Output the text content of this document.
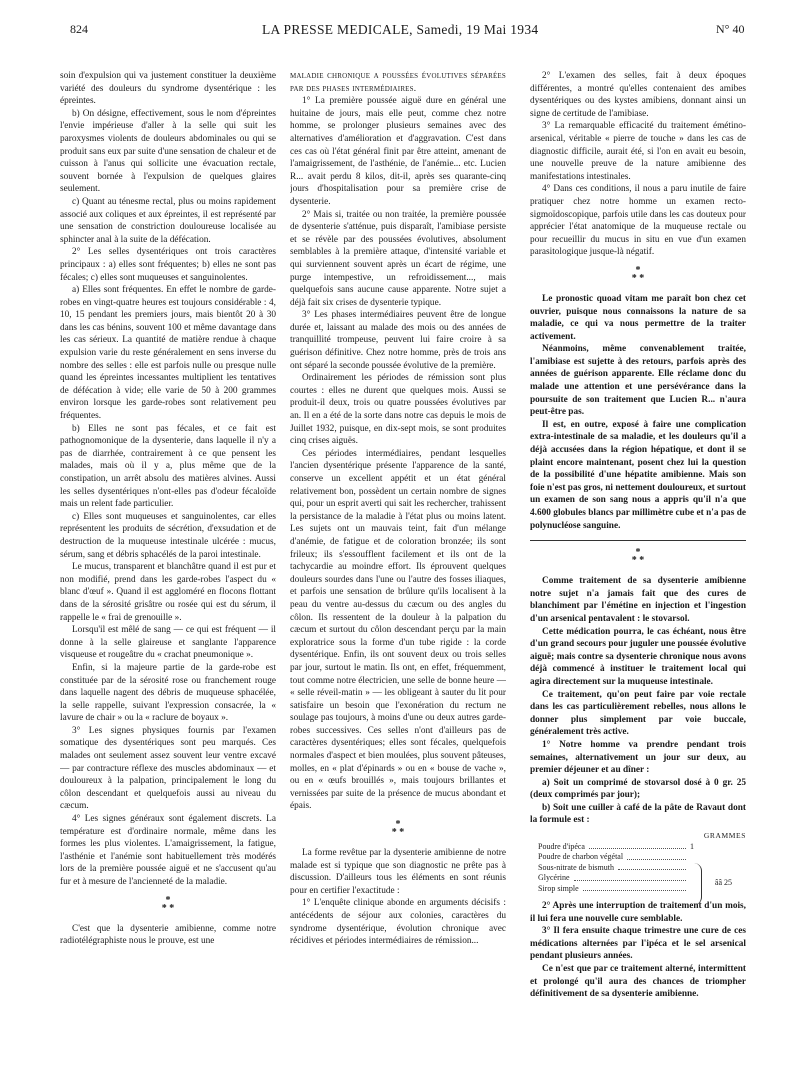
824	LA PRESSE MEDICALE, Samedi, 19 Mai 1934	N° 40

soin d'expulsion qui va justement constituer la deuxième variété des douleurs du syndrome dysentérique : les épreintes.

b) On désigne, effectivement, sous le nom d'épreintes l'envie impérieuse d'aller à la selle qui suit les paroxysmes violents de douleurs abdominales ou qui se produit sans eux par suite d'une sensation de chaleur et de cuisson à l'anus qui sollicite une évacuation rectale, souvent bornée à l'expulsion de quelques glaires seulement.

c) Quant au ténesme rectal, plus ou moins rapidement associé aux coliques et aux épreintes, il est représenté par une sensation de constriction douloureuse localisée au sphincter anal à la suite de la défécation.

2° Les selles dysentériques ont trois caractères principaux : a) elles sont fréquentes; b) elles ne sont pas fécales; c) elles sont muqueuses et sanguinolentes.

a) Elles sont fréquentes. En effet le nombre de garde-robes en vingt-quatre heures est toujours considérable : 4, 10, 15 pendant les premiers jours, mais bientôt 20 à 30 dans les cas bénins, souvent 100 et même davantage dans les cas sérieux. La quantité de matière rendue à chaque expulsion varie du reste généralement en sens inverse du nombre des selles : elle est parfois nulle ou presque nulle quand les épreintes incessantes multiplient les tentatives de défécation à vide; elle varie de 50 à 200 grammes environ lorsque les garde-robes sont relativement peu fréquentes.

b) Elles ne sont pas fécales, et ce fait est pathognomonique de la dysenterie, dans laquelle il n'y a pas de diarrhée, contrairement à ce que pensent les malades, mais où il y a, plus même que de la constipation, un arrêt absolu des matières alvines. Aussi les selles dysentériques n'ont-elles pas d'odeur fécaloïde mais un relent fade particulier.

c) Elles sont muqueuses et sanguinolentes, car elles représentent les produits de sécrétion, d'exsudation et de destruction de la muqueuse intestinale ulcérée : mucus, sérum, sang et débris sphacélés de la paroi intestinale.

Le mucus, transparent et blanchâtre quand il est pur et non modifié, prend dans les garde-robes l'aspect du « blanc d'œuf ». Quand il est aggloméré en flocons flottant dans de la sérosité grisâtre ou rosée qui est du sérum, il rappelle le « frai de grenouille ».

Lorsqu'il est mêlé de sang — ce qui est fréquent — il donne à la selle glaireuse et sanglante l'apparence visqueuse et rougeâtre du « crachat pneumonique ».

Enfin, si la majeure partie de la garde-robe est constituée par de la sérosité rose ou franchement rouge dans laquelle nagent des débris de muqueuse sphacélée, la selle rappelle, suivant l'expression consacrée, la « lavure de chair » ou la « raclure de boyaux ».

3° Les signes physiques fournis par l'examen somatique des dysentériques sont peu marqués. Ces malades ont seulement assez souvent leur ventre excavé — par contracture réflexe des muscles abdominaux — et douloureux à la palpation, principalement le long du côlon descendant et quelquefois aussi au niveau du cæcum.

4° Les signes généraux sont également discrets. La température est d'ordinaire normale, même dans les formes les plus violentes. L'amaigrissement, la fatigue, l'asthénie et l'anémie sont habituellement très modérés lors de la première poussée aiguë et ne s'accusent qu'au fur et à mesure de l'ancienneté de la maladie.

*
* *

C'est que la dysenterie amibienne, comme notre radiotélégraphiste nous le prouve, est une

maladie chronique a poussées évolutives séparées par des phases intermédiaires.

1° La première poussée aiguë dure en général une huitaine de jours, mais elle peut, comme chez notre homme, se prolonger plusieurs semaines avec des alternatives d'amélioration et d'aggravation. C'est dans ces cas où l'état général finit par être atteint, amenant de l'amaigrissement, de l'asthénie, de l'anémie... etc. Lucien R... avait perdu 8 kilos, dit-il, après ses quarante-cinq jours d'hospitalisation pour sa première crise de dysenterie.

2° Mais si, traitée ou non traitée, la première poussée de dysenterie s'atténue, puis disparaît, l'amibiase persiste et se révèle par des poussées évolutives, absolument semblables à la première attaque, d'intensité variable et qui surviennent souvent après un écart de régime, une purge intempestive, un refroidissement..., mais quelquefois sans aucune cause apparente. Notre sujet a déjà fait six crises de dysenterie typique.

3° Les phases intermédiaires peuvent être de longue durée et, laissant au malade des mois ou des années de tranquillité trompeuse, peuvent lui faire croire à sa guérison définitive. Chez notre homme, près de trois ans ont séparé la seconde poussée évolutive de la première.

Ordinairement les périodes de rémission sont plus courtes : elles ne durent que quelques mois. Aussi se produit-il deux, trois ou quatre poussées évolutives par an. Il en a été de la sorte dans notre cas depuis le mois de Juillet 1932, puisque, en dix-sept mois, se sont produites cinq crises aiguës.

Ces périodes intermédiaires, pendant lesquelles l'ancien dysentérique présente l'apparence de la santé, conserve un excellent appétit et un état général relativement bon, possèdent un certain nombre de signes qui, pour un esprit averti qui sait les rechercher, trahissent la persistance de la maladie à l'état plus ou moins latent. Les sujets ont un mauvais teint, fait d'un mélange d'anémie, de fatigue et de coloration bronzée; ils sont frileux; ils s'essoufflent facilement et ils ont de la tachycardie au moindre effort. Ils éprouvent quelques douleurs sourdes dans l'une ou l'autre des fosses iliaques, et parfois une sensation de brûlure qu'ils localisent à la peau du ventre au-dessus du cæcum ou des angles du côlon. Ils ressentent de la douleur à la palpation du cæcum et surtout du côlon descendant perçu par la main exploratrice sous la forme d'un tube rigide : la corde dysentérique. Enfin, ils ont souvent deux ou trois selles par jour, surtout le matin. Ils ont, en effet, fréquemment, tout comme notre électricien, une selle de bonne heure — « selle réveil-matin » — les obligeant à sauter du lit pour satisfaire un besoin que l'exonération du rectum ne soulage pas toujours, à moins d'une ou deux autres garde-robes successives. Ces selles n'ont d'ailleurs pas de caractères dysentériques; elles sont fécales, quelquefois normales d'aspect et bien moulées, plus souvent pâteuses, molles, en « plat d'épinards » ou en « bouse de vache », ou en « œufs brouillés », mais toujours brillantes et vernissées par suite de la présence de mucus abondant et épais.

*
* *

La forme revêtue par la dysenterie amibienne de notre malade est si typique que son diagnostic ne prête pas à discussion. D'ailleurs tous les éléments en sont réunis pour en certifier l'exactitude :

1° L'enquête clinique abonde en arguments décisifs : antécédents de séjour aux colonies, caractères du syndrome dysentérique, évolution chronique avec récidives et périodes intermédiaires de rémission...

2° L'examen des selles, fait à deux époques différentes, a montré qu'elles contenaient des amibes dysentériques ou des kystes amibiens, donnant ainsi un signe de certitude de l'amibiase.

3° La remarquable efficacité du traitement émétino-arsenical, véritable « pierre de touche » dans les cas de diagnostic difficile, aurait été, si l'on en avait eu besoin, une nouvelle preuve de la nature amibienne des manifestations intestinales.

4° Dans ces conditions, il nous a paru inutile de faire pratiquer chez notre homme un examen recto-sigmoïdoscopique, parfois utile dans les cas douteux pour apprécier l'état anatomique de la muqueuse rectale ou pour recueillir du mucus in situ en vue d'un examen parasitologique jusque-là négatif.

*
* *

Le pronostic quoad vitam me paraît bon chez cet ouvrier, puisque nous connaissons la nature de sa maladie, ce qui va nous permettre de la traiter activement.

Néanmoins, même convenablement traitée, l'amibiase est sujette à des retours, parfois après des années de guérison apparente. Elle réclame donc du malade une attention et une persévérance dans la poursuite de son traitement que Lucien R... n'aura peut-être pas.

Il est, en outre, exposé à faire une complication extra-intestinale de sa maladie, et les douleurs qu'il a déjà accusées dans la région hépatique, et dont il se plaint encore maintenant, posent chez lui la question de la possibilité d'une hépatite amibienne. Mais son foie n'est pas gros, ni nettement douloureux, et surtout un examen de son sang nous a appris qu'il n'a que 4.600 globules blancs par millimètre cube et n'a pas de polynucléose sanguine.

*
* *

Comme traitement de sa dysenterie amibienne notre sujet n'a jamais fait que des cures de blanchiment par l'émétine en injection et l'ingestion d'un arsenical pentavalent : le stovarsol.

Cette médication pourra, le cas échéant, nous être d'un grand secours pour juguler une poussée évolutive aiguë; mais contre sa dysenterie chronique nous avons déjà commencé à instituer le traitement local qui agira directement sur la muqueuse intestinale.

Ce traitement, qu'on peut faire par voie rectale dans les cas particulièrement rebelles, nous allons le donner plus simplement par voie buccale, généralement très active.

1° Notre homme va prendre pendant trois semaines, alternativement un jour sur deux, au premier déjeuner et au dîner :

a) Soit un comprimé de stovarsol dosé à 0 gr. 25 (deux comprimés par jour);

b) Soit une cuiller à café de la pâte de Ravaut dont la formule est :

GRAMMES
Poudre d'ipéca	1
Poudre de charbon végétal
Sous-nitrate de bismuth
Glycérine
Sirop simple
ââ 25

2° Après une interruption de traitement d'un mois, il lui fera une nouvelle cure semblable.

3° Il fera ensuite chaque trimestre une cure de ces médications alternées par l'ipéca et le sel arsenical pendant plusieurs années.

Ce n'est que par ce traitement alterné, intermittent et prolongé qu'il aura des chances de triompher définitivement de sa dysenterie amibienne.
